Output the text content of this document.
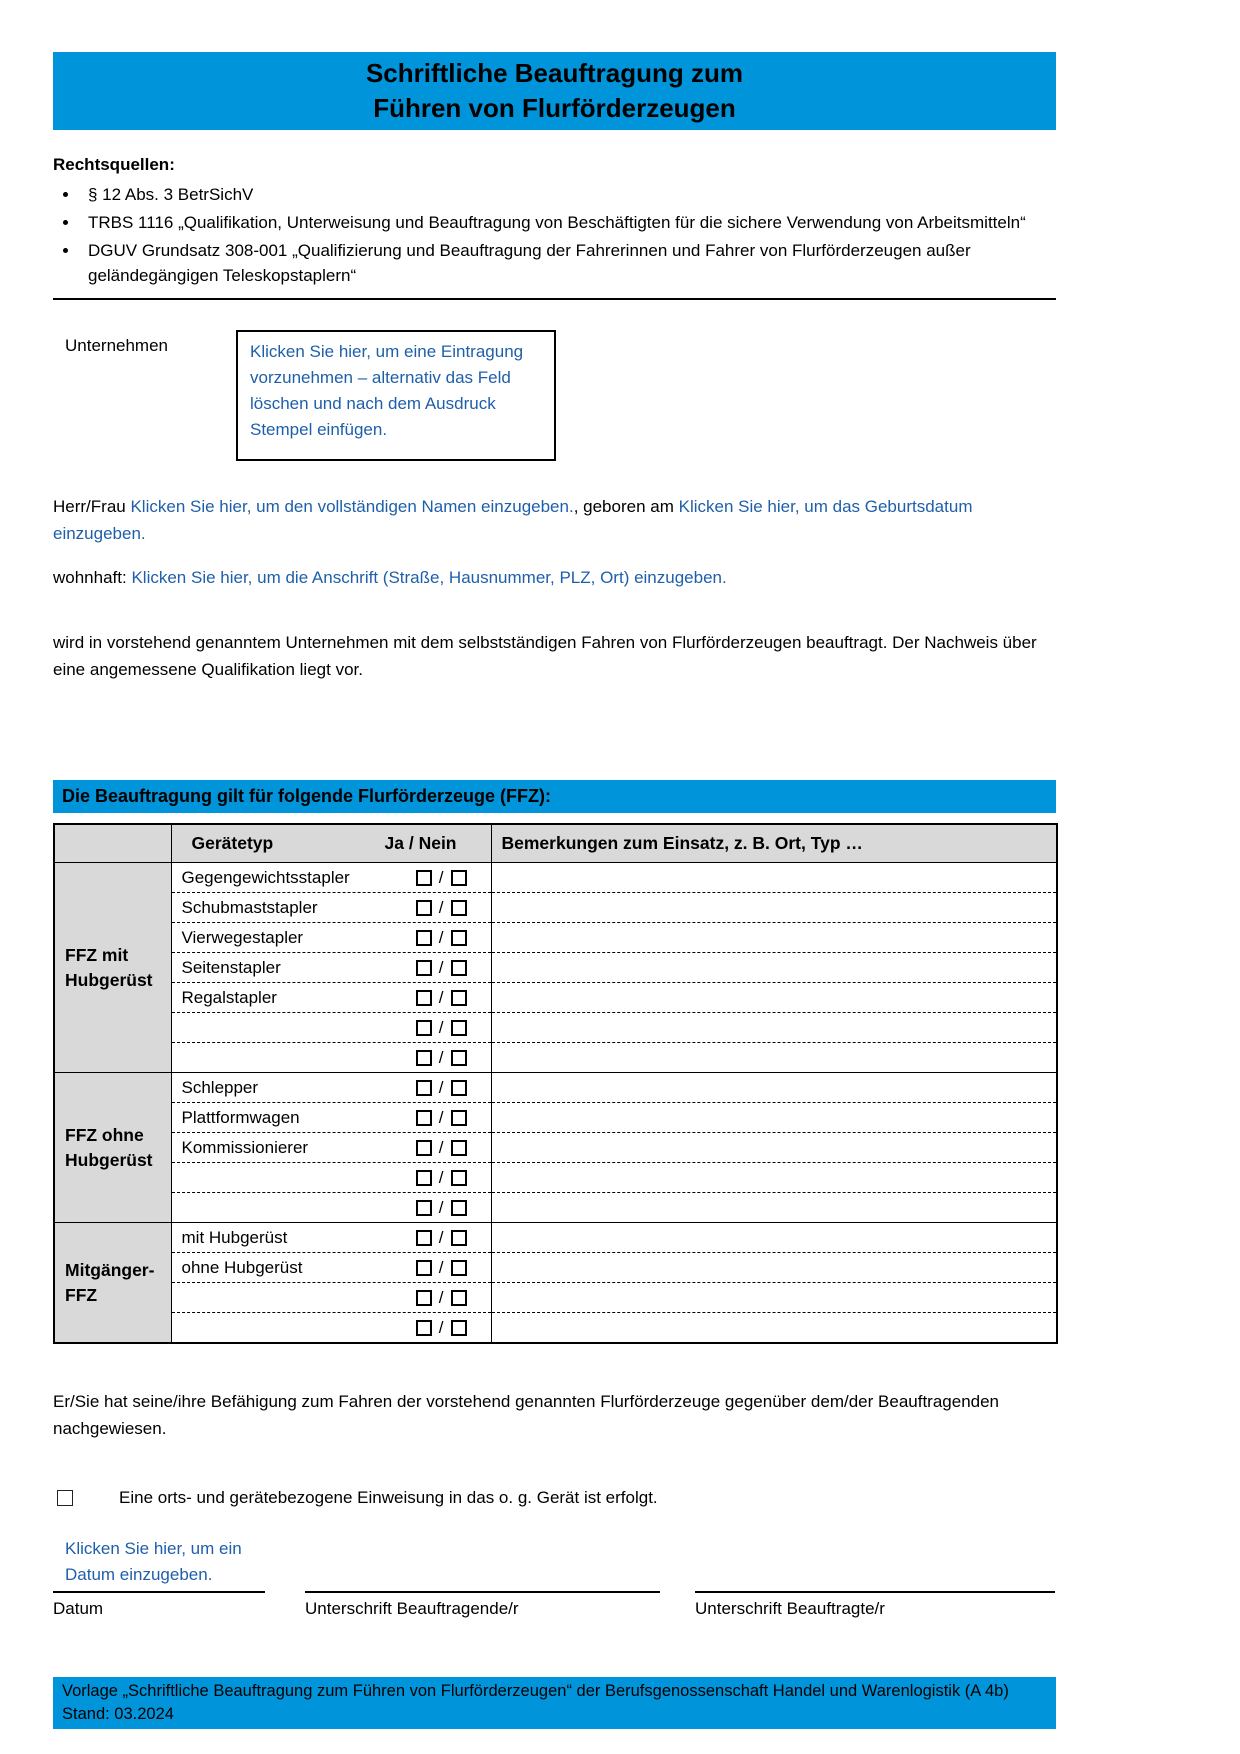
Schriftliche Beauftragung zum
Führen von Flurförderzeugen
Rechtsquellen:
• § 12 Abs. 3 BetrSichV
• TRBS 1116 „Qualifikation, Unterweisung und Beauftragung von Beschäftigten für die sichere Verwendung von Arbeitsmitteln“
• DGUV Grundsatz 308-001 „Qualifizierung und Beauftragung der Fahrerinnen und Fahrer von Flurförderzeugen außer geländegängigen Teleskopstaplern“
Unternehmen	Klicken Sie hier, um eine Eintragung vorzunehmen – alternativ das Feld löschen und nach dem Ausdruck Stempel einfügen.

Herr/Frau Klicken Sie hier, um den vollständigen Namen einzugeben., geboren am Klicken Sie hier, um das Geburtsdatum einzugeben.

wohnhaft: Klicken Sie hier, um die Anschrift (Straße, Hausnummer, PLZ, Ort) einzugeben.

wird in vorstehend genanntem Unternehmen mit dem selbstständigen Fahren von Flurförderzeugen beauftragt. Der Nachweis über eine angemessene Qualifikation liegt vor.

Die Beauftragung gilt für folgende Flurförderzeuge (FFZ):

	Gerätetyp Ja / Nein	Bemerkungen zum Einsatz, z. B. Ort, Typ …
FFZ mit Hubgerüst	Gegengewichtsstapler /	

	Schubmaststapler /	

	Vierwegestapler /	

	Seitenstapler /	

	Regalstapler /	

	/	

	/	

FFZ ohne Hubgerüst	Schlepper /	

	Plattformwagen /	

	Kommissionierer /	

	/	

	/	

Mitgänger-FFZ	mit Hubgerüst /	

	ohne Hubgerüst /	

	/	

	/	

Er/Sie hat seine/ihre Befähigung zum Fahren der vorstehend genannten Flurförderzeuge gegenüber dem/der Beauftragenden nachgewiesen.

Eine orts- und gerätebezogene Einweisung in das o. g. Gerät ist erfolgt.
Klicken Sie hier, um ein Datum einzugeben.
Datum	Unterschrift Beauftragende/r	Unterschrift Beauftragte/r
Vorlage „Schriftliche Beauftragung zum Führen von Flurförderzeugen“ der Berufsgenossenschaft Handel und Warenlogistik (A 4b)
Stand: 03.2024
